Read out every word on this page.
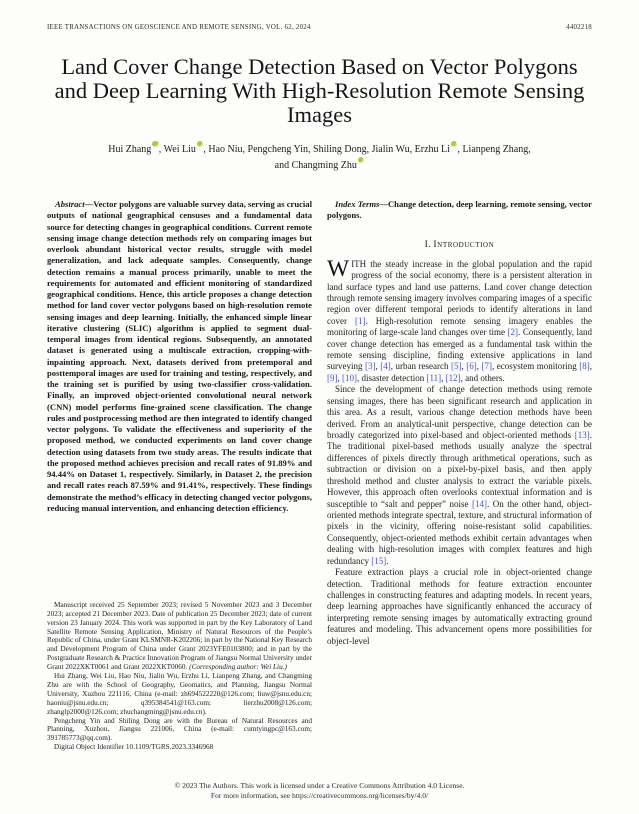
IEEE TRANSACTIONS ON GEOSCIENCE AND REMOTE SENSING, VOL. 62, 2024	4402218
Land Cover Change Detection Based on Vector Polygons and Deep Learning With High-Resolution Remote Sensing Images
Hui Zhang , Wei Liu , Hao Niu, Pengcheng Yin, Shiling Dong, Jialin Wu, Erzhu Li , Lianpeng Zhang,
and Changming Zhu

Abstract—Vector polygons are valuable survey data, serving as crucial outputs of national geographical censuses and a fundamental data source for detecting changes in geographical conditions. Current remote sensing image change detection methods rely on comparing images but overlook abundant historical vector results, struggle with model generalization, and lack adequate samples. Consequently, change detection remains a manual process primarily, unable to meet the requirements for automated and efficient monitoring of standardized geographical conditions. Hence, this article proposes a change detection method for land cover vector polygons based on high-resolution remote sensing images and deep learning. Initially, the enhanced simple linear iterative clustering (SLIC) algorithm is applied to segment dual-temporal images from identical regions. Subsequently, an annotated dataset is generated using a multiscale extraction, cropping-with-inpainting approach. Next, datasets derived from pretemporal and posttemporal images are used for training and testing, respectively, and the training set is purified by using two-classifier cross-validation. Finally, an improved object-oriented convolutional neural network (CNN) model performs fine-grained scene classification. The change rules and postprocessing method are then integrated to identify changed vector polygons. To validate the effectiveness and superiority of the proposed method, we conducted experiments on land cover change detection using datasets from two study areas. The results indicate that the proposed method achieves precision and recall rates of 91.89% and 94.44% on Dataset 1, respectively. Similarly, in Dataset 2, the precision and recall rates reach 87.59% and 91.41%, respectively. These findings demonstrate the method’s efficacy in detecting changed vector polygons, reducing manual intervention, and enhancing detection efficiency.

Manuscript received 25 September 2023; revised 5 November 2023 and 3 December 2023; accepted 21 December 2023. Date of publication 25 December 2023; date of current version 23 January 2024. This work was supported in part by the Key Laboratory of Land Satellite Remote Sensing Application, Ministry of Natural Resources of the People’s Republic of China, under Grant KLSMNR-K202206; in part by the National Key Research and Development Program of China under Grant 2023YFE0103800; and in part by the Postgraduate Research & Practice Innovation Program of Jiangsu Normal University under Grant 2022XKT0061 and Grant 2022XKT0060. (Corresponding author: Wei Liu.)

Hui Zhang, Wei Liu, Hao Niu, Jialin Wu, Erzhu Li, Lianpeng Zhang, and Changming Zhu are with the School of Geography, Geomatics, and Planning, Jiangsu Normal University, Xuzhou 221116, China (e-mail: zh694522220@126.com; liuw@jsnu.edu.cn; haoniu@jsnu.edu.cn; q395384541@163.com; lierzhu2008@126.com; zhanglp2000@126.com; zhuchangming@jsnu.edu.cn).

Pengcheng Yin and Shiling Dong are with the Bureau of Natural Resources and Planning, Xuzhou, Jiangsu 221006, China (e-mail: cumtyingpc@163.com; 391785773@qq.com).

Digital Object Identifier 10.1109/TGRS.2023.3346968

Index Terms—Change detection, deep learning, remote sensing, vector polygons.

I. Introduction

WITH the steady increase in the global population and the rapid progress of the social economy, there is a persistent alteration in land surface types and land use patterns. Land cover change detection through remote sensing imagery involves comparing images of a specific region over different temporal periods to identify alterations in land cover [1]. High-resolution remote sensing imagery enables the monitoring of large-scale land changes over time [2]. Consequently, land cover change detection has emerged as a fundamental task within the remote sensing discipline, finding extensive applications in land surveying [3], [4], urban research [5], [6], [7], ecosystem monitoring [8], [9], [10], disaster detection [11], [12], and others.

Since the development of change detection methods using remote sensing images, there has been significant research and application in this area. As a result, various change detection methods have been derived. From an analytical-unit perspective, change detection can be broadly categorized into pixel-based and object-oriented methods [13]. The traditional pixel-based methods usually analyze the spectral differences of pixels directly through arithmetical operations, such as subtraction or division on a pixel-by-pixel basis, and then apply threshold method and cluster analysis to extract the variable pixels. However, this approach often overlooks contextual information and is susceptible to “salt and pepper” noise [14]. On the other hand, object-oriented methods integrate spectral, texture, and structural information of pixels in the vicinity, offering noise-resistant solid capabilities. Consequently, object-oriented methods exhibit certain advantages when dealing with high-resolution images with complex features and high redundancy [15].

Feature extraction plays a crucial role in object-oriented change detection. Traditional methods for feature extraction encounter challenges in constructing features and adapting models. In recent years, deep learning approaches have significantly enhanced the accuracy of interpreting remote sensing images by automatically extracting ground features and modeling. This advancement opens more possibilities for object-level

© 2023 The Authors. This work is licensed under a Creative Commons Attribution 4.0 License.
For more information, see https://creativecommons.org/licenses/by/4.0/
